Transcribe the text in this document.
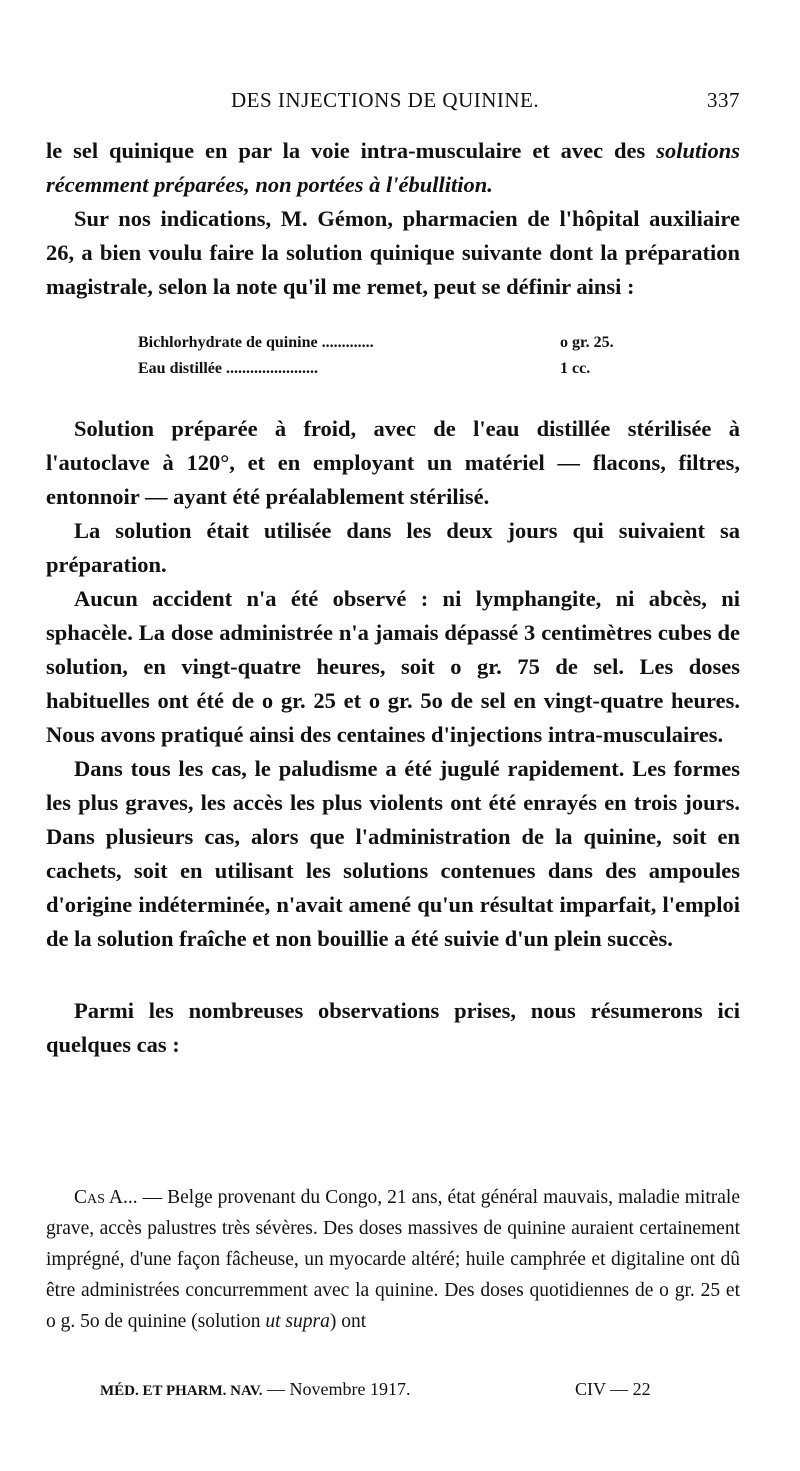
DES INJECTIONS DE QUININE.	337

le sel quinique en par la voie intra-musculaire et avec des solutions récemment préparées, non portées à l'ébullition.

Sur nos indications, M. Gémon, pharmacien de l'hôpital auxiliaire 26, a bien voulu faire la solution quinique suivante dont la préparation magistrale, selon la note qu'il me remet, peut se définir ainsi :

Bichlorhydrate de quinine .............	o gr. 25.
Eau distillée .......................	1 cc.

Solution préparée à froid, avec de l'eau distillée stérilisée à l'autoclave à 120°, et en employant un matériel — flacons, filtres, entonnoir — ayant été préalablement stérilisé.

La solution était utilisée dans les deux jours qui suivaient sa préparation.

Aucun accident n'a été observé : ni lymphangite, ni abcès, ni sphacèle. La dose administrée n'a jamais dépassé 3 centimètres cubes de solution, en vingt-quatre heures, soit o gr. 75 de sel. Les doses habituelles ont été de o gr. 25 et o gr. 5o de sel en vingt-quatre heures. Nous avons pratiqué ainsi des centaines d'injections intra-musculaires.

Dans tous les cas, le paludisme a été jugulé rapidement. Les formes les plus graves, les accès les plus violents ont été enrayés en trois jours. Dans plusieurs cas, alors que l'administration de la quinine, soit en cachets, soit en utilisant les solutions contenues dans des ampoules d'origine indéterminée, n'avait amené qu'un résultat imparfait, l'emploi de la solution fraîche et non bouillie a été suivie d'un plein succès.

Parmi les nombreuses observations prises, nous résumerons ici quelques cas :

Cas A... — Belge provenant du Congo, 21 ans, état général mauvais, maladie mitrale grave, accès palustres très sévères. Des doses massives de quinine auraient certainement imprégné, d'une façon fâcheuse, un myocarde altéré; huile camphrée et digitaline ont dû être administrées concurremment avec la quinine. Des doses quotidiennes de o gr. 25 et o g. 5o de quinine (solution ut supra) ont

MÉD. ET PHARM. NAV. — Novembre 1917.	CIV — 22
